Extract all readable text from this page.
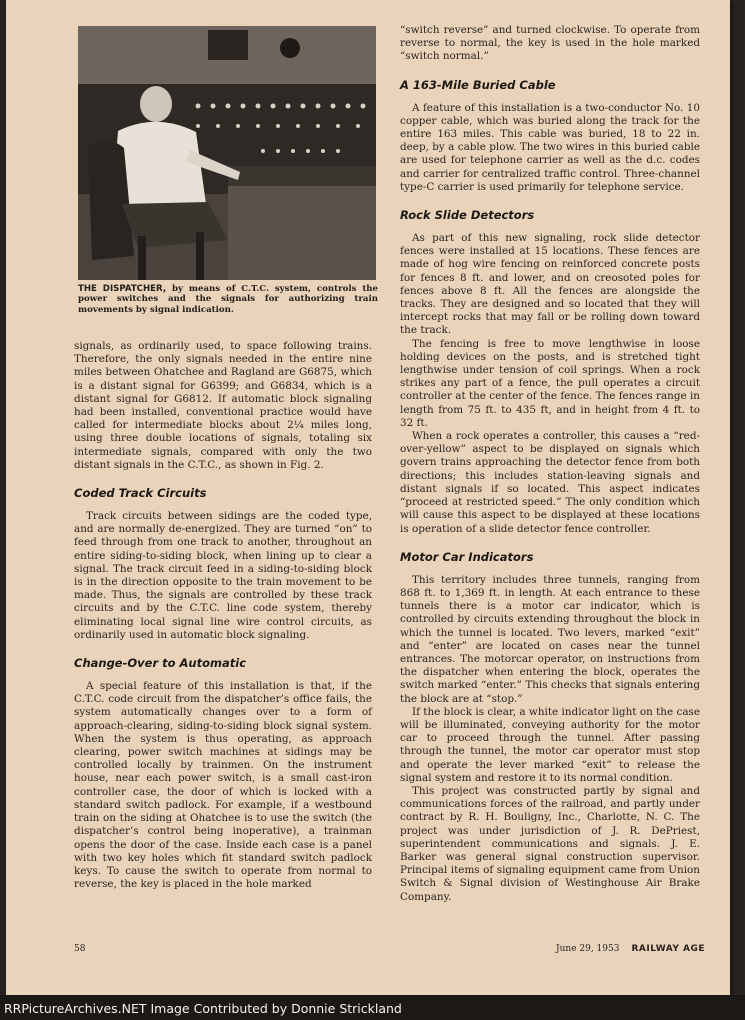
THE DISPATCHER, by means of C.T.C. system, controls the power switches and the signals for authorizing train movements by signal indication.

signals, as ordinarily used, to space following trains. Therefore, the only signals needed in the entire nine miles between Ohatchee and Ragland are G6875, which is a distant signal for G6399; and G6834, which is a distant signal for G6812. If automatic block signaling had been installed, conventional practice would have called for intermediate blocks about 2¼ miles long, using three double locations of signals, totaling six intermediate signals, compared with only the two distant signals in the C.T.C., as shown in Fig. 2.

Coded Track Circuits

Track circuits between sidings are the coded type, and are normally de-energized. They are turned “on” to feed through from one track to another, throughout an entire siding-to-siding block, when lining up to clear a signal. The track circuit feed in a siding-to-siding block is in the direction opposite to the train movement to be made. Thus, the signals are controlled by these track circuits and by the C.T.C. line code system, thereby eliminating local signal line wire control circuits, as ordinarily used in automatic block signaling.

Change-Over to Automatic

A special feature of this installation is that, if the C.T.C. code circuit from the dispatcher’s office fails, the system automatically changes over to a form of approach-clearing, siding-to-siding block signal system. When the system is thus operating, as approach clearing, power switch machines at sidings may be controlled locally by trainmen. On the instrument house, near each power switch, is a small cast-iron controller case, the door of which is locked with a standard switch padlock. For example, if a westbound train on the siding at Ohatchee is to use the switch (the dispatcher’s control being inoperative), a trainman opens the door of the case. Inside each case is a panel with two key holes which fit standard switch padlock keys. To cause the switch to operate from normal to reverse, the key is placed in the hole marked

“switch reverse” and turned clockwise. To operate from reverse to normal, the key is used in the hole marked “switch normal.”

A 163-Mile Buried Cable

A feature of this installation is a two-conductor No. 10 copper cable, which was buried along the track for the entire 163 miles. This cable was buried, 18 to 22 in. deep, by a cable plow. The two wires in this buried cable are used for telephone carrier as well as the d.c. codes and carrier for centralized traffic control. Three-channel type-C carrier is used primarily for telephone service.

Rock Slide Detectors

As part of this new signaling, rock slide detector fences were installed at 15 locations. These fences are made of hog wire fencing on reinforced concrete posts for fences 8 ft. and lower, and on creosoted poles for fences above 8 ft. All the fences are alongside the tracks. They are designed and so located that they will intercept rocks that may fall or be rolling down toward the track.

The fencing is free to move lengthwise in loose holding devices on the posts, and is stretched tight lengthwise under tension of coil springs. When a rock strikes any part of a fence, the pull operates a circuit controller at the center of the fence. The fences range in length from 75 ft. to 435 ft, and in height from 4 ft. to 32 ft.

When a rock operates a controller, this causes a “red-over-yellow” aspect to be displayed on signals which govern trains approaching the detector fence from both directions; this includes station-leaving signals and distant signals if so located. This aspect indicates “proceed at restricted speed.” The only condition which will cause this aspect to be displayed at these locations is operation of a slide detector fence controller.

Motor Car Indicators

This territory includes three tunnels, ranging from 868 ft. to 1,369 ft. in length. At each entrance to these tunnels there is a motor car indicator, which is controlled by circuits extending throughout the block in which the tunnel is located. Two levers, marked “exit” and “enter” are located on cases near the tunnel entrances. The motorcar operator, on instructions from the dispatcher when entering the block, operates the switch marked “enter.” This checks that signals entering the block are at “stop.”

If the block is clear, a white indicator light on the case will be illuminated, conveying authority for the motor car to proceed through the tunnel. After passing through the tunnel, the motor car operator must stop and operate the lever marked “exit” to release the signal system and restore it to its normal condition.

This project was constructed partly by signal and communications forces of the railroad, and partly under contract by R. H. Bouligny, Inc., Charlotte, N. C. The project was under jurisdiction of J. R. DePriest, superintendent communications and signals. J. E. Barker was general signal construction supervisor. Principal items of signaling equipment came from Union Switch & Signal division of Westinghouse Air Brake Company.

58	June 29, 1953 RAILWAY AGE
RRPictureArchives.NET Image Contributed by Donnie Strickland
